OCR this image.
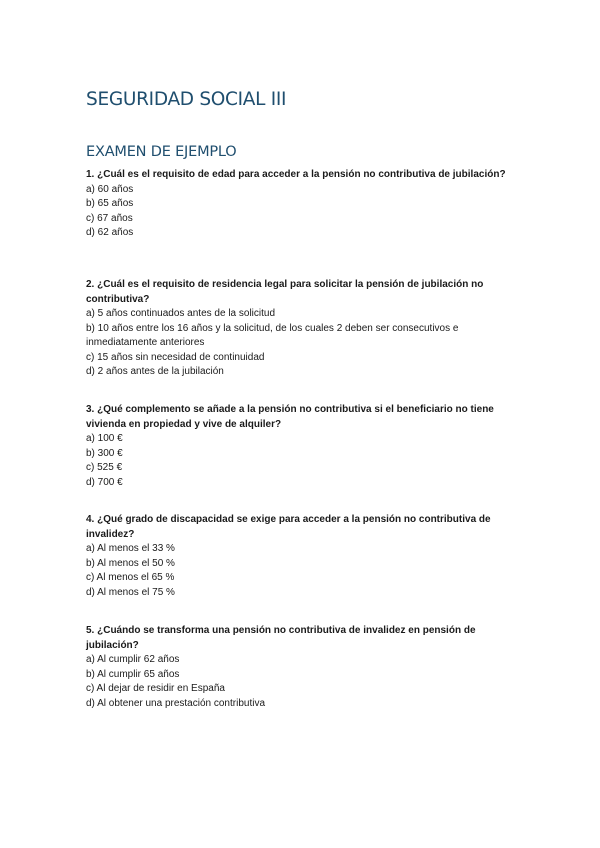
SEGURIDAD SOCIAL III
EXAMEN DE EJEMPLO

1. ¿Cuál es el requisito de edad para acceder a la pensión no contributiva de jubilación?

a) 60 años
b) 65 años
c) 67 años
d) 62 años

2. ¿Cuál es el requisito de residencia legal para solicitar la pensión de jubilación no contributiva?

a) 5 años continuados antes de la solicitud
b) 10 años entre los 16 años y la solicitud, de los cuales 2 deben ser consecutivos e inmediatamente anteriores
c) 15 años sin necesidad de continuidad
d) 2 años antes de la jubilación

3. ¿Qué complemento se añade a la pensión no contributiva si el beneficiario no tiene vivienda en propiedad y vive de alquiler?

a) 100 €
b) 300 €
c) 525 €
d) 700 €

4. ¿Qué grado de discapacidad se exige para acceder a la pensión no contributiva de invalidez?

a) Al menos el 33 %
b) Al menos el 50 %
c) Al menos el 65 %
d) Al menos el 75 %

5. ¿Cuándo se transforma una pensión no contributiva de invalidez en pensión de jubilación?

a) Al cumplir 62 años
b) Al cumplir 65 años
c) Al dejar de residir en España
d) Al obtener una prestación contributiva
